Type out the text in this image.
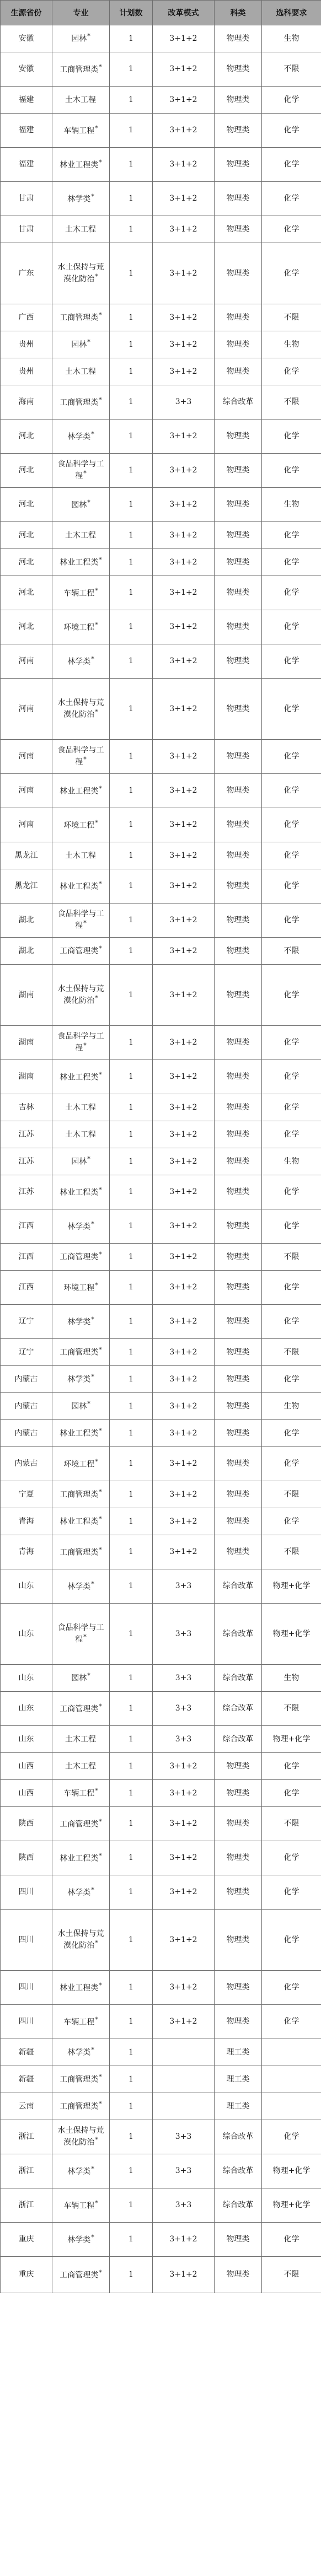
生源省份	专业	计划数	改革模式	科类	选科要求
安徽	园林*	1	3+1+2	物理类	生物
安徽	工商管理类*	1	3+1+2	物理类	不限
福建	土木工程	1	3+1+2	物理类	化学
福建	车辆工程*	1	3+1+2	物理类	化学
福建	林业工程类*	1	3+1+2	物理类	化学
甘肃	林学类*	1	3+1+2	物理类	化学
甘肃	土木工程	1	3+1+2	物理类	化学
广东	水土保持与荒漠化防治*	1	3+1+2	物理类	化学
广西	工商管理类*	1	3+1+2	物理类	不限
贵州	园林*	1	3+1+2	物理类	生物
贵州	土木工程	1	3+1+2	物理类	化学
海南	工商管理类*	1	3+3	综合改革	不限
河北	林学类*	1	3+1+2	物理类	化学
河北	食品科学与工程*	1	3+1+2	物理类	化学
河北	园林*	1	3+1+2	物理类	生物
河北	土木工程	1	3+1+2	物理类	化学
河北	林业工程类*	1	3+1+2	物理类	化学
河北	车辆工程*	1	3+1+2	物理类	化学
河北	环境工程*	1	3+1+2	物理类	化学
河南	林学类*	1	3+1+2	物理类	化学
河南	水土保持与荒漠化防治*	1	3+1+2	物理类	化学
河南	食品科学与工程*	1	3+1+2	物理类	化学
河南	林业工程类*	1	3+1+2	物理类	化学
河南	环境工程*	1	3+1+2	物理类	化学
黑龙江	土木工程	1	3+1+2	物理类	化学
黑龙江	林业工程类*	1	3+1+2	物理类	化学
湖北	食品科学与工程*	1	3+1+2	物理类	化学
湖北	工商管理类*	1	3+1+2	物理类	不限
湖南	水土保持与荒漠化防治*	1	3+1+2	物理类	化学
湖南	食品科学与工程*	1	3+1+2	物理类	化学
湖南	林业工程类*	1	3+1+2	物理类	化学
吉林	土木工程	1	3+1+2	物理类	化学
江苏	土木工程	1	3+1+2	物理类	化学
江苏	园林*	1	3+1+2	物理类	生物
江苏	林业工程类*	1	3+1+2	物理类	化学
江西	林学类*	1	3+1+2	物理类	化学
江西	工商管理类*	1	3+1+2	物理类	不限
江西	环境工程*	1	3+1+2	物理类	化学
辽宁	林学类*	1	3+1+2	物理类	化学
辽宁	工商管理类*	1	3+1+2	物理类	不限
内蒙古	林学类*	1	3+1+2	物理类	化学
内蒙古	园林*	1	3+1+2	物理类	生物
内蒙古	林业工程类*	1	3+1+2	物理类	化学
内蒙古	环境工程*	1	3+1+2	物理类	化学
宁夏	工商管理类*	1	3+1+2	物理类	不限
青海	林业工程类*	1	3+1+2	物理类	化学
青海	工商管理类*	1	3+1+2	物理类	不限
山东	林学类*	1	3+3	综合改革	物理+化学
山东	食品科学与工程*	1	3+3	综合改革	物理+化学
山东	园林*	1	3+3	综合改革	生物
山东	工商管理类*	1	3+3	综合改革	不限
山东	土木工程	1	3+3	综合改革	物理+化学
山西	土木工程	1	3+1+2	物理类	化学
山西	车辆工程*	1	3+1+2	物理类	化学
陕西	工商管理类*	1	3+1+2	物理类	不限
陕西	林业工程类*	1	3+1+2	物理类	化学
四川	林学类*	1	3+1+2	物理类	化学
四川	水土保持与荒漠化防治*	1	3+1+2	物理类	化学
四川	林业工程类*	1	3+1+2	物理类	化学
四川	车辆工程*	1	3+1+2	物理类	化学
新疆	林学类*	1		理工类	
新疆	工商管理类*	1		理工类	
云南	工商管理类*	1		理工类	
浙江	水土保持与荒漠化防治*	1	3+3	综合改革	化学
浙江	林学类*	1	3+3	综合改革	物理+化学
浙江	车辆工程*	1	3+3	综合改革	物理+化学
重庆	林学类*	1	3+1+2	物理类	化学
重庆	工商管理类*	1	3+1+2	物理类	不限
